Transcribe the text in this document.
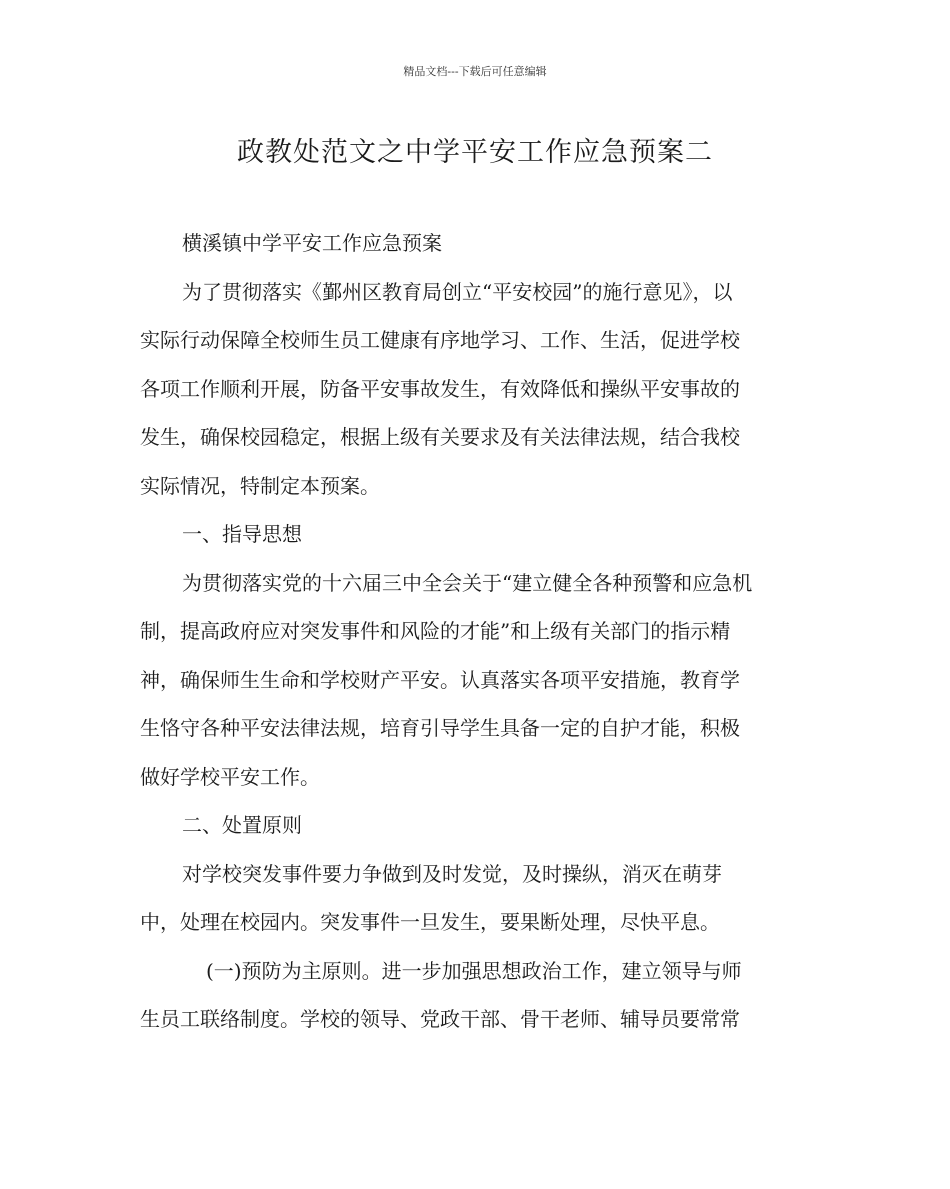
精品文档---下载后可任意编辑
政教处范文之中学平安工作应急预案二
横溪镇中学平安工作应急预案
为了贯彻落实《鄞州区教育局创立“平安校园”的施行意见》，以
实际行动保障全校师生员工健康有序地学习、工作、生活，促进学校
各项工作顺利开展，防备平安事故发生，有效降低和操纵平安事故的
发生，确保校园稳定，根据上级有关要求及有关法律法规，结合我校
实际情况，特制定本预案。
一、指导思想
为贯彻落实党的十六届三中全会关于“建立健全各种预警和应急机
制，提高政府应对突发事件和风险的才能”和上级有关部门的指示精
神，确保师生生命和学校财产平安。认真落实各项平安措施，教育学
生恪守各种平安法律法规，培育引导学生具备一定的自护才能，积极
做好学校平安工作。
二、处置原则
对学校突发事件要力争做到及时发觉，及时操纵，消灭在萌芽
中，处理在校园内。突发事件一旦发生，要果断处理，尽快平息。
(一)预防为主原则。进一步加强思想政治工作，建立领导与师
生员工联络制度。学校的领导、党政干部、骨干老师、辅导员要常常
